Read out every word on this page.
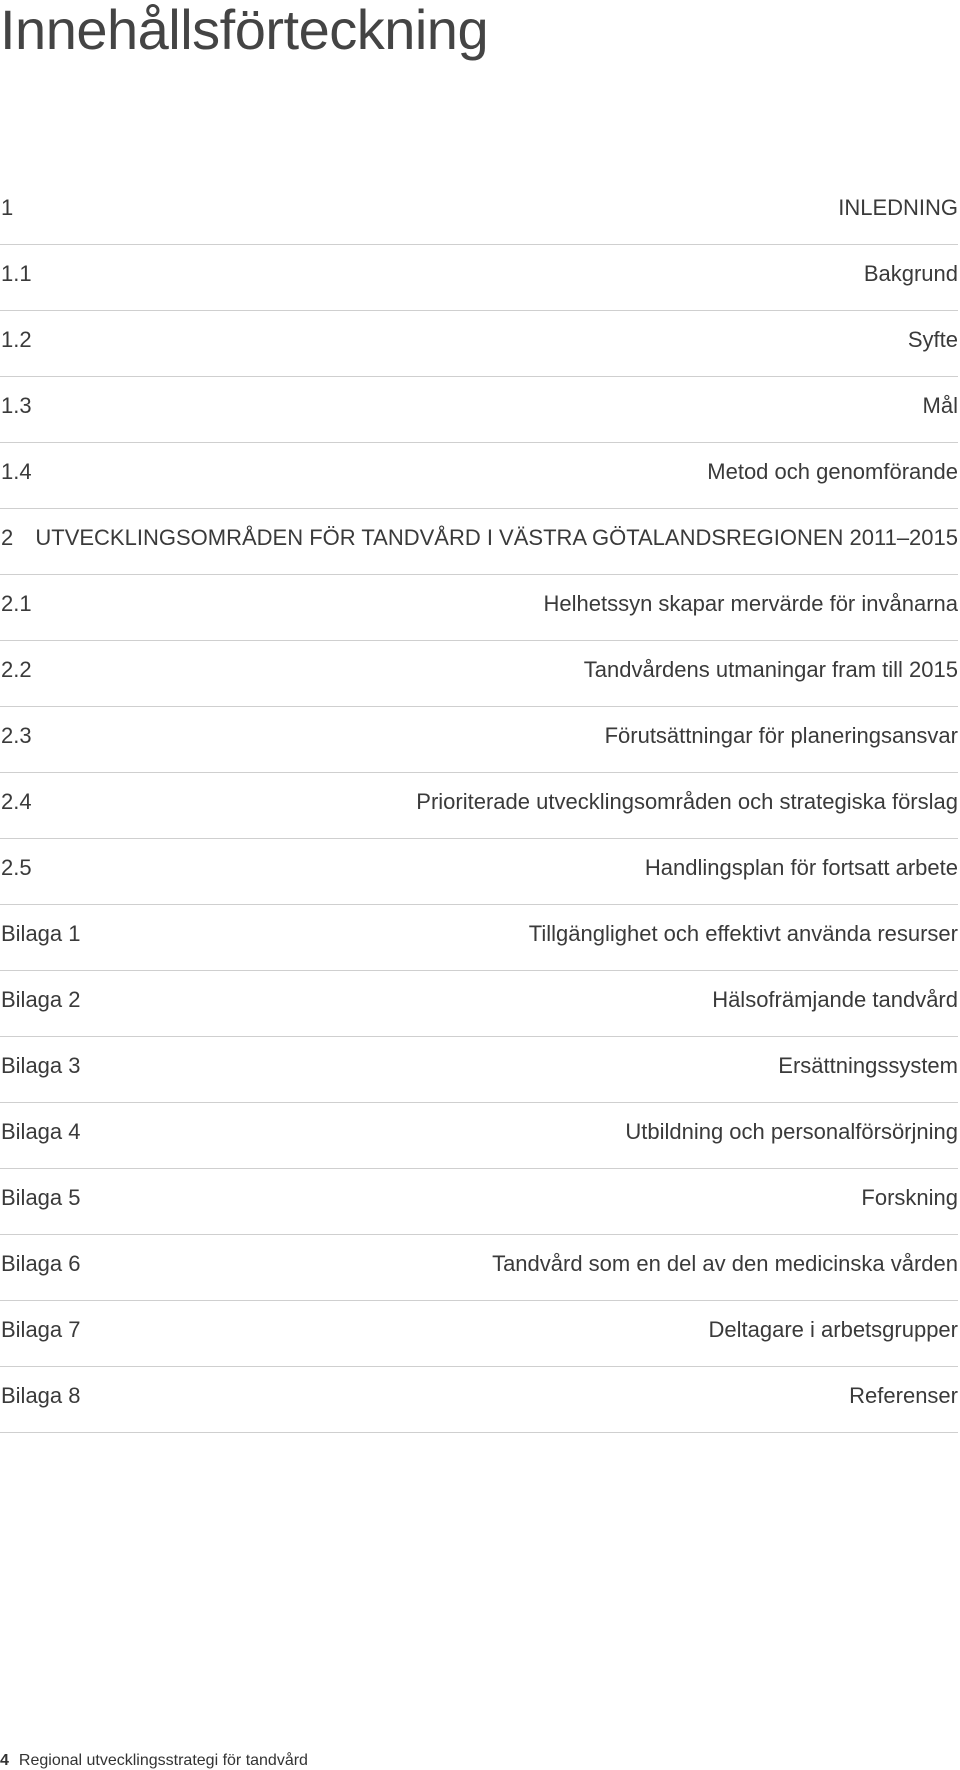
Innehållsförteckning
1	INLEDNING
1.1	Bakgrund
1.2	Syfte
1.3	Mål
1.4	Metod och genomförande
2 UTVECKLINGSOMRÅDEN FÖR TANDVÅRD I VÄSTRA GÖTALANDSREGIONEN 2011–2015
2.1	Helhetssyn skapar mervärde för invånarna
2.2	Tandvårdens utmaningar fram till 2015
2.3	Förutsättningar för planeringsansvar
2.4	Prioriterade utvecklingsområden och strategiska förslag
2.5	Handlingsplan för fortsatt arbete
Bilaga 1	Tillgänglighet och effektivt använda resurser
Bilaga 2	Hälsofrämjande tandvård
Bilaga 3	Ersättningssystem
Bilaga 4	Utbildning och personalförsörjning
Bilaga 5	Forskning
Bilaga 6	Tandvård som en del av den medicinska vården
Bilaga 7	Deltagare i arbetsgrupper
Bilaga 8	Referenser
4 Regional utvecklingsstrategi för tandvård
